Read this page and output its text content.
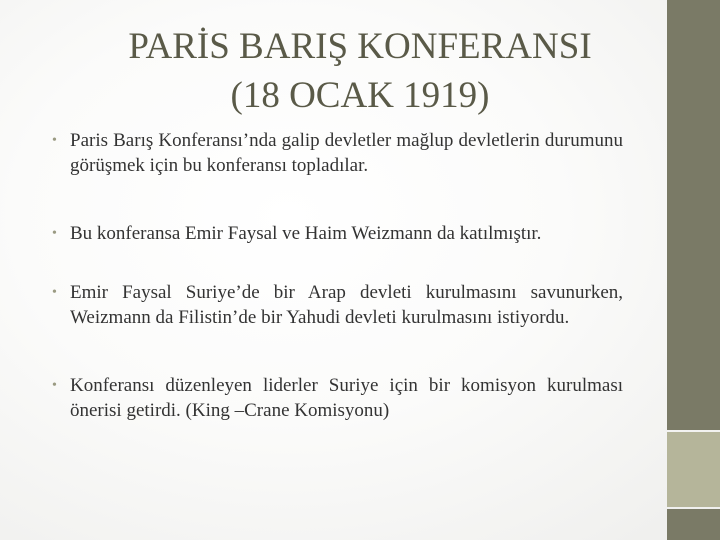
PARİS BARIŞ KONFERANSI
(18 OCAK 1919)
• Paris Barış Konferansı’nda galip devletler mağlup devletlerin durumunu görüşmek için bu konferansı topladılar.
• Bu konferansa Emir Faysal ve Haim Weizmann da katılmıştır.
• Emir Faysal Suriye’de bir Arap devleti kurulmasını savunurken, Weizmann da Filistin’de bir Yahudi devleti kurulmasını istiyordu.
• Konferansı düzenleyen liderler Suriye için bir komisyon kurulması önerisi getirdi. (King –Crane Komisyonu)
